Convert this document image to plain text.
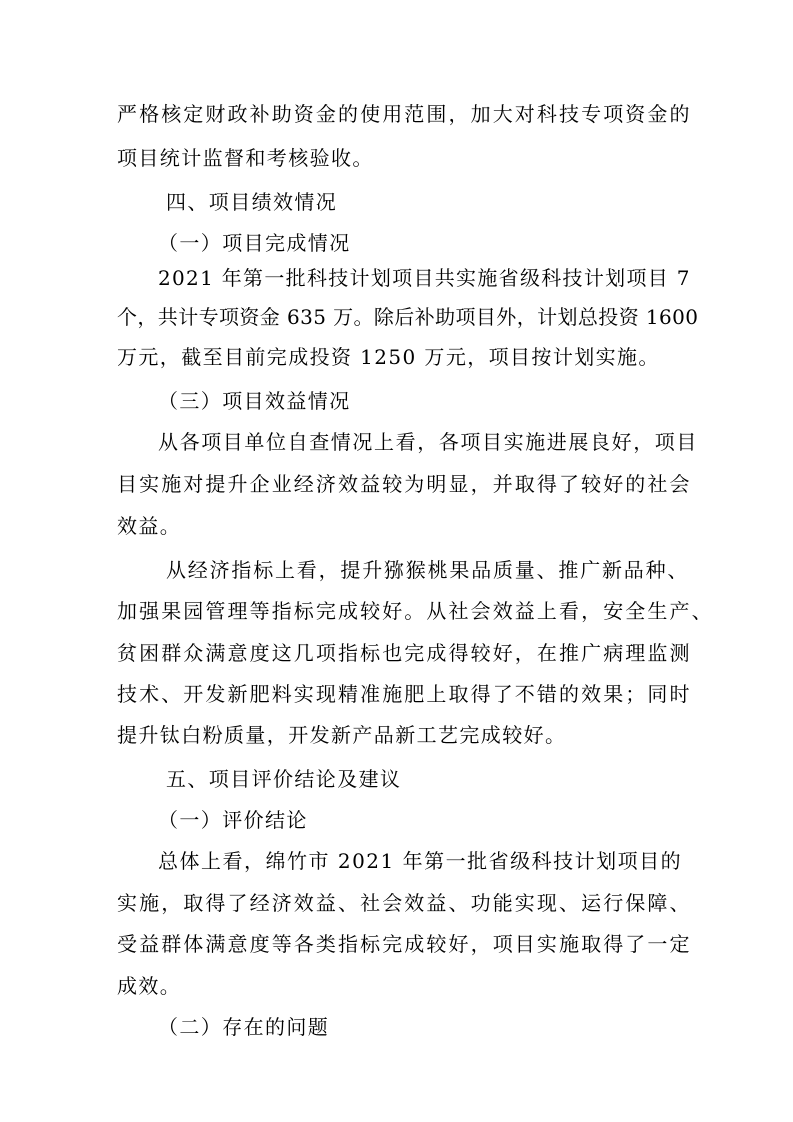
严格核定财政补助资金的使用范围，加大对科技专项资金的
项目统计监督和考核验收。
四、项目绩效情况
（一）项目完成情况
2021 年第一批科技计划项目共实施省级科技计划项目 7
个，共计专项资金 635 万。除后补助项目外，计划总投资 1600
万元，截至目前完成投资 1250 万元，项目按计划实施。
（三）项目效益情况
从各项目单位自查情况上看，各项目实施进展良好，项目
目实施对提升企业经济效益较为明显，并取得了较好的社会
效益。
从经济指标上看，提升猕猴桃果品质量、推广新品种、
加强果园管理等指标完成较好。从社会效益上看，安全生产、
贫困群众满意度这几项指标也完成得较好，在推广病理监测
技术、开发新肥料实现精准施肥上取得了不错的效果；同时
提升钛白粉质量，开发新产品新工艺完成较好。
五、项目评价结论及建议
（一）评价结论
总体上看，绵竹市 2021 年第一批省级科技计划项目的
实施，取得了经济效益、社会效益、功能实现、运行保障、
受益群体满意度等各类指标完成较好，项目实施取得了一定
成效。
（二）存在的问题
